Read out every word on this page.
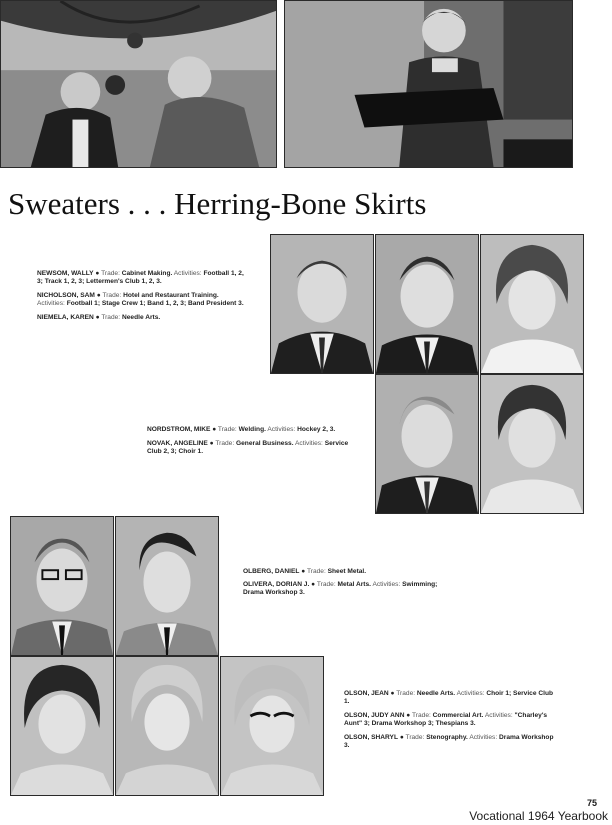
Sweaters . . . Herring-Bone Skirts
NEWSOM, WALLY ● Trade: Cabinet Making. Activities: Football 1, 2, 3; Track 1, 2, 3; Lettermen's Club 1, 2, 3.
NICHOLSON, SAM ● Trade: Hotel and Restaurant Training. Activities: Football 1; Stage Crew 1; Band 1, 2, 3; Band President 3.
NIEMELA, KAREN ● Trade: Needle Arts.
NORDSTROM, MIKE ● Trade: Welding. Activities: Hockey 2, 3.
NOVAK, ANGELINE ● Trade: General Business. Activities: Service Club 2, 3; Choir 1.
OLBERG, DANIEL ● Trade: Sheet Metal.
OLIVERA, DORIAN J. ● Trade: Metal Arts. Activities: Swimming; Drama Workshop 3.
OLSON, JEAN ● Trade: Needle Arts. Activities: Choir 1; Service Club 1.
OLSON, JUDY ANN ● Trade: Commercial Art. Activities: "Charley's Aunt" 3; Drama Workshop 3; Thespians 3.
OLSON, SHARYL ● Trade: Stenography. Activities: Drama Workshop 3.
75
Vocational 1964 Yearbook
